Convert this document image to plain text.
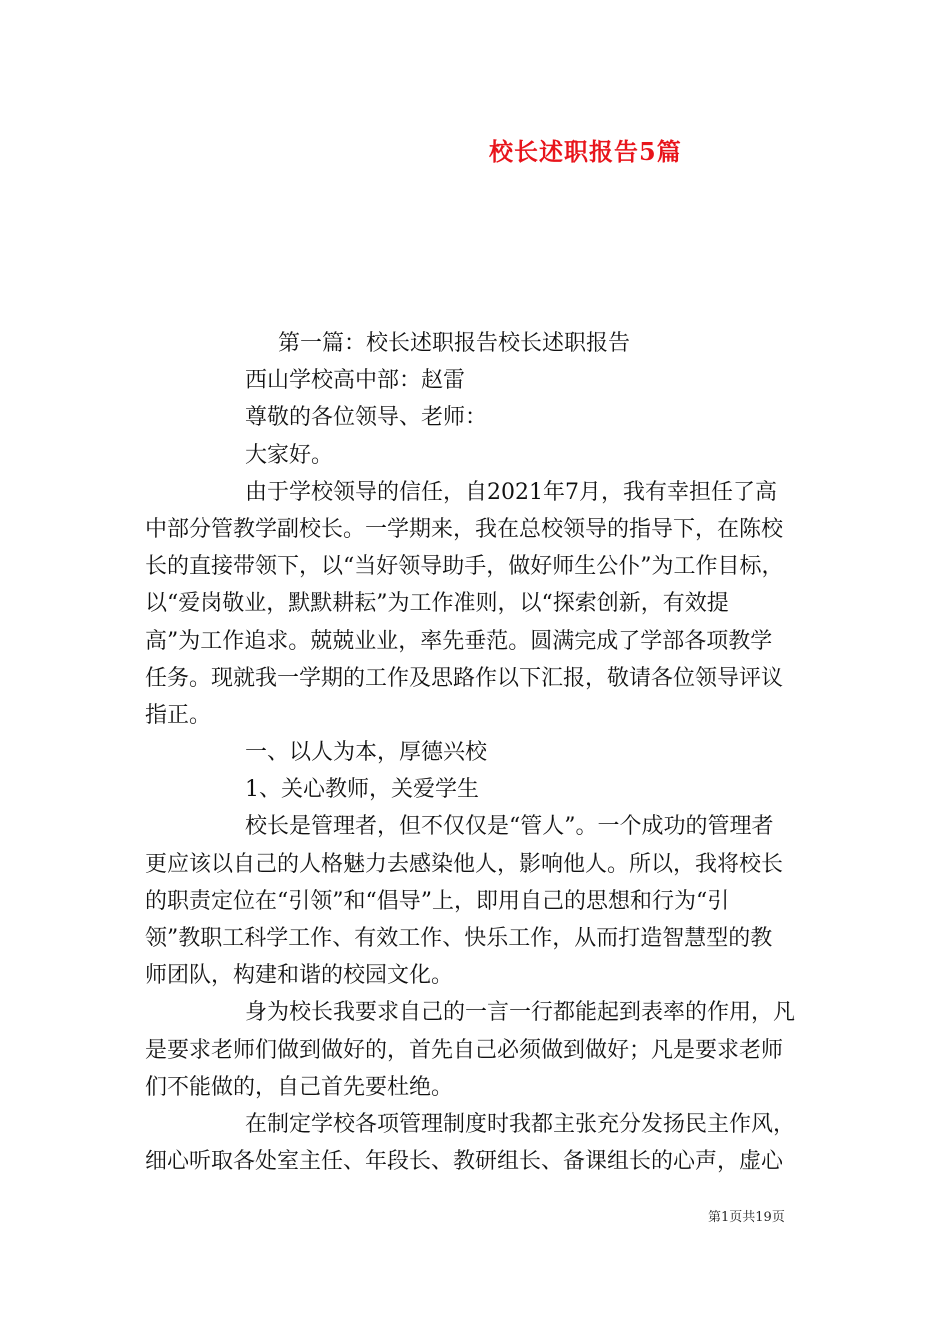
校长述职报告5篇
第一篇：校长述职报告校长述职报告
西山学校高中部：赵雷
尊敬的各位领导、老师：
大家好。
由于学校领导的信任，自2021年7月，我有幸担任了高
中部分管教学副校长。一学期来，我在总校领导的指导下，在陈校
长的直接带领下，以“当好领导助手，做好师生公仆”为工作目标，
以“爱岗敬业，默默耕耘”为工作准则，以“探索创新，有效提
高”为工作追求。兢兢业业，率先垂范。圆满完成了学部各项教学
任务。现就我一学期的工作及思路作以下汇报，敬请各位领导评议
指正。
一、以人为本，厚德兴校
1、关心教师，关爱学生
校长是管理者，但不仅仅是“管人”。一个成功的管理者
更应该以自己的人格魅力去感染他人，影响他人。所以，我将校长
的职责定位在“引领”和“倡导”上，即用自己的思想和行为“引
领”教职工科学工作、有效工作、快乐工作，从而打造智慧型的教
师团队，构建和谐的校园文化。
身为校长我要求自己的一言一行都能起到表率的作用，凡
是要求老师们做到做好的，首先自己必须做到做好；凡是要求老师
们不能做的，自己首先要杜绝。
在制定学校各项管理制度时我都主张充分发扬民主作风，
细心听取各处室主任、年段长、教研组长、备课组长的心声，虚心
第1页共19页
